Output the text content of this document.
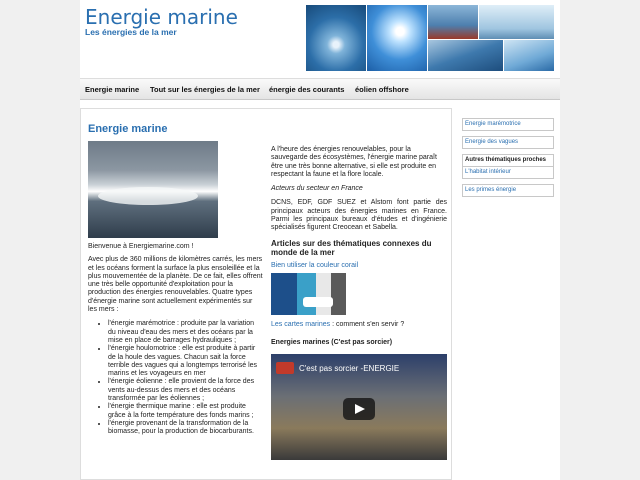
Energie marine
Les énergies de la mer
Energie marine Tout sur les énergies de la mer énergie des courants éolien offshore
Energie marine

Bienvenue à Energiemarine.com !

Avec plus de 360 millions de kilomètres carrés, les mers et les océans forment la surface la plus ensoleillée et la plus mouvementée de la planète. De ce fait, elles offrent une très belle opportunité d'exploitation pour la production des énergies renouvelables. Quatre types d'énergie marine sont actuellement expérimentés sur les mers :

• l'énergie marémotrice : produite par la variation du niveau d'eau des mers et des océans par la mise en place de barrages hydrauliques ;
• l'énergie houlomotrice : elle est produite à partir de la houle des vagues. Chacun sait la force terrible des vagues qui a longtemps terrorisé les marins et les voyageurs en mer
• l'énergie éolienne : elle provient de la force des vents au-dessus des mers et des océans transformée par les éoliennes ;
• l'énergie thermique marine : elle est produite grâce à la forte température des fonds marins ;
• l'énergie provenant de la transformation de la biomasse, pour la production de biocarburants.

A l'heure des énergies renouvelables, pour la sauvegarde des écosystèmes, l'énergie marine paraît être une très bonne alternative, si elle est produite en respectant la faune et la flore locale.

Acteurs du secteur en France

DCNS, EDF, GDF SUEZ et Alstom font partie des principaux acteurs des énergies marines en France. Parmi les principaux bureaux d'études et d'ingénierie spécialisés figurent Creocean et Sabella.

Articles sur des thématiques connexes du monde de la mer
Bien utiliser la couleur corail
Les cartes marines : comment s'en servir ?
Energies marines (C'est pas sorcier)
C'est pas sorcier -ENERGIE
Energie marémotrice
Energie des vagues
Autres thématiques proches
L'habitat intérieur
Les primes énergie
